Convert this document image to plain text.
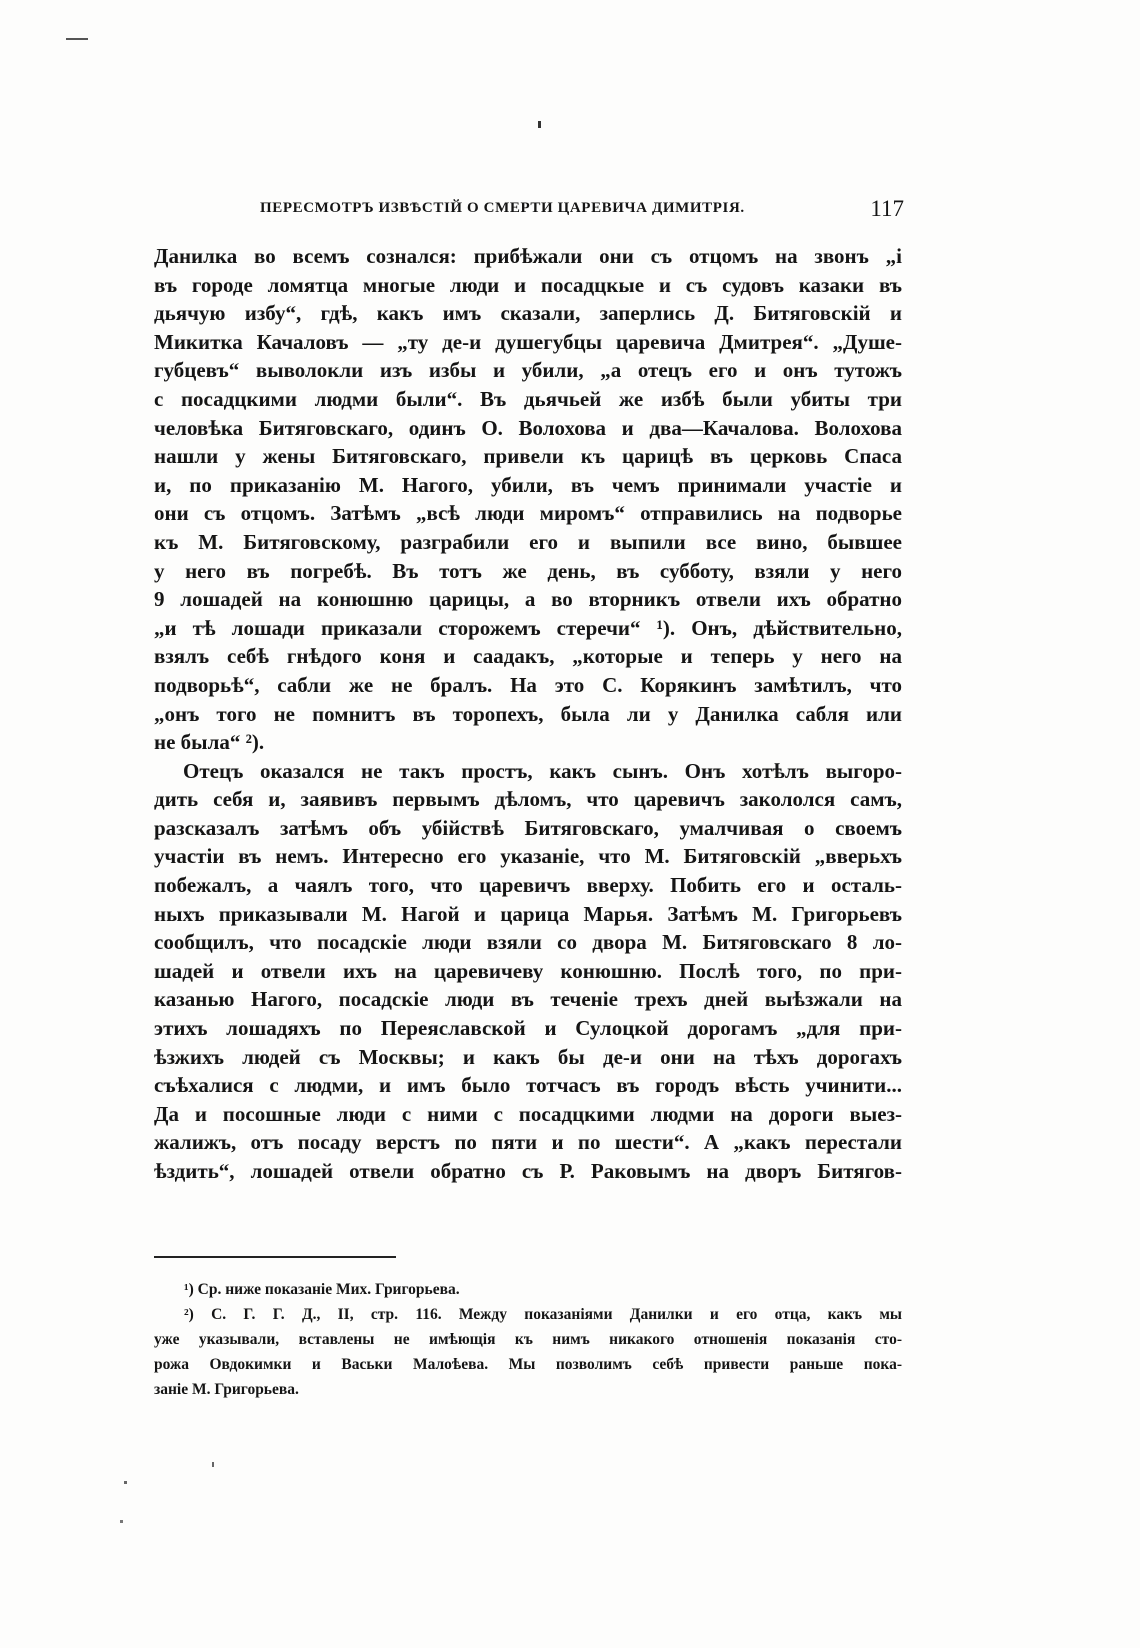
ПЕРЕСМОТРЪ ИЗВѢСТІЙ О СМЕРТИ ЦАРЕВИЧА ДИМИТРІЯ.	117
Данилка во всемъ сознался: прибѣжали они съ отцомъ на звонъ „і
въ городе ломятца многые люди и посадцкые и съ судовъ казаки въ
дьячую избу“, гдѣ, какъ имъ сказали, заперлись Д. Битяговскій и
Микитка Качаловъ — „ту де-и душегубцы царевича Дмитрея“. „Душе-
губцевъ“ выволокли изъ избы и убили, „а отецъ его и онъ тутожъ
с посадцкими людми были“. Въ дьячьей же избѣ были убиты три
человѣка Битяговскаго, одинъ О. Волохова и два—Качалова. Волохова
нашли у жены Битяговскаго, привели къ царицѣ въ церковь Спаса
и, по приказанію М. Нагого, убили, въ чемъ принимали участіе и
они съ отцомъ. Затѣмъ „всѣ люди миромъ“ отправились на подворье
къ М. Битяговскому, разграбили его и выпили все вино, бывшее
у него въ погребѣ. Въ тотъ же день, въ субботу, взяли у него
9 лошадей на конюшню царицы, а во вторникъ отвели ихъ обратно
„и тѣ лошади приказали сторожемъ стеречи“ ¹). Онъ, дѣйствительно,
взялъ себѣ гнѣдого коня и саадакъ, „которые и теперь у него на
подворьѣ“, сабли же не бралъ. На это С. Корякинъ замѣтилъ, что
„онъ того не помнитъ въ торопехъ, была ли у Данилка сабля или
не была“ ²).
Отецъ оказался не такъ простъ, какъ сынъ. Онъ хотѣлъ выгоро-
дить себя и, заявивъ первымъ дѣломъ, что царевичъ закололся самъ,
разсказалъ затѣмъ объ убійствѣ Битяговскаго, умалчивая о своемъ
участіи въ немъ. Интересно его указаніе, что М. Битяговскій „вверьхъ
побежалъ, а чаялъ того, что царевичъ вверху. Побить его и осталь-
ныхъ приказывали М. Нагой и царица Марья. Затѣмъ М. Григорьевъ
сообщилъ, что посадскіе люди взяли со двора М. Битяговскаго 8 ло-
шадей и отвели ихъ на царевичеву конюшню. Послѣ того, по при-
казанью Нагого, посадскіе люди въ теченіе трехъ дней выѣзжали на
этихъ лошадяхъ по Переяславской и Сулоцкой дорогамъ „для при-
ѣзжихъ людей съ Москвы; и какъ бы де-и они на тѣхъ дорогахъ
съѣхалися с людми, и имъ было тотчасъ въ городъ вѣсть учинити...
Да и посошные люди с ними с посадцкими людми на дороги выез-
жалижъ, отъ посаду верстъ по пяти и по шести“. А „какъ перестали
ѣздить“, лошадей отвели обратно съ Р. Раковымъ на дворъ Битягов-
¹) Ср. ниже показаніе Мих. Григорьева.
²) С. Г. Г. Д., II, стр. 116. Между показаніями Данилки и его отца, какъ мы
уже указывали, вставлены не имѣющія къ нимъ никакого отношенія показанія сто-
рожа Овдокимки и Васьки Малоѣева. Мы позволимъ себѣ привести раньше пока-
заніе М. Григорьева.
